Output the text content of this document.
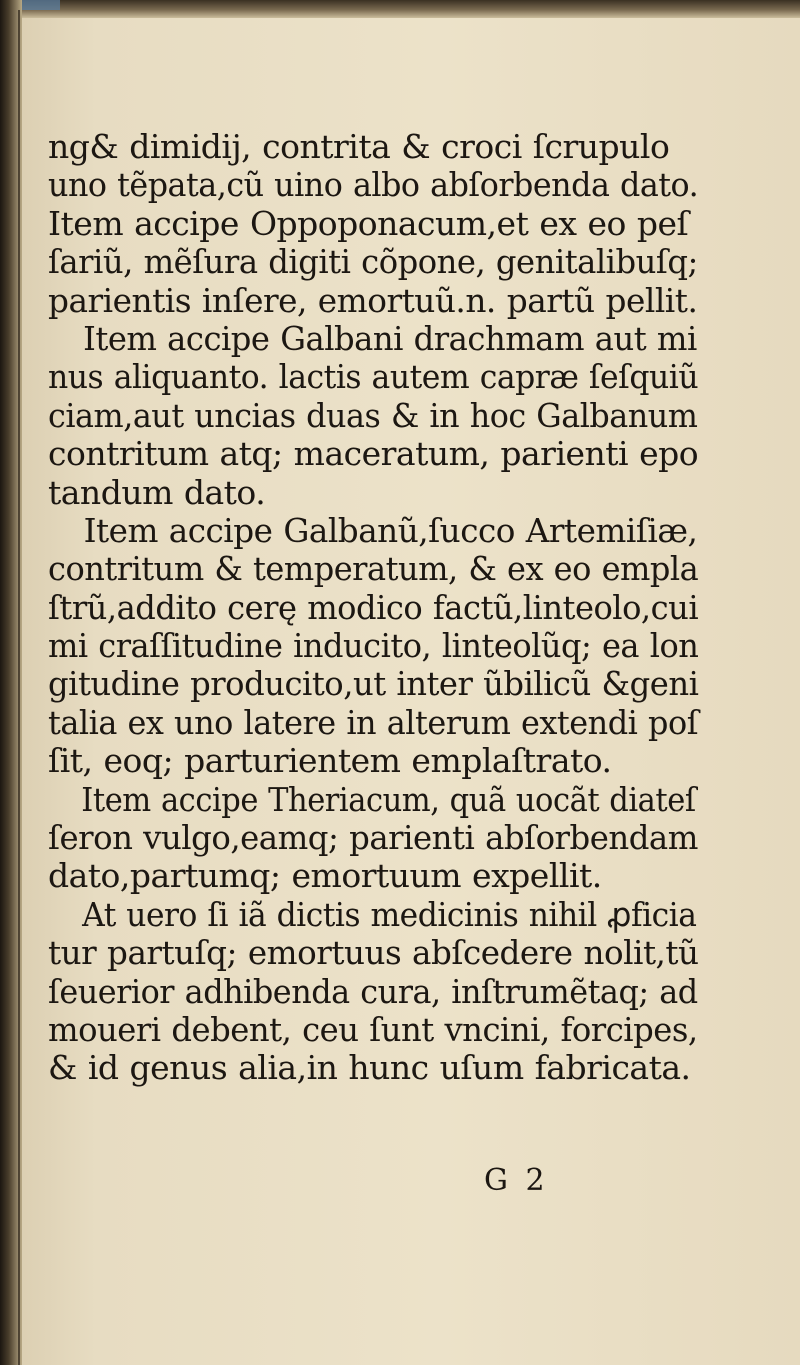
ng& dimidij, contrita & croci ſcrupulo
uno tẽpata,cũ uino albo abſorbenda dato.
Item accipe Oppoponacum,et ex eo peſ
ſariũ, mẽſura digiti cõpone, genitalibuſq;
parientis inſere, emortuũ.n. partũ pellit.
Item accipe Galbani drachmam aut mi
nus aliquanto. lactis autem capræ ſeſquiũ
ciam,aut uncias duas & in hoc Galbanum
contritum atq; maceratum, parienti epo
tandum dato.
Item accipe Galbanũ,ſucco Artemiſiæ,
contritum & temperatum, & ex eo empla
ſtrũ,addito cerę modico factũ,linteolo,cui
mi craſſitudine inducito, linteolũq; ea lon
gitudine producito,ut inter ũbilicũ &geni
talia ex uno latere in alterum extendi poſ
ſit, eoq; parturientem emplaſtrato.
Item accipe Theriacum, quã uocãt diateſ
ſeron vulgo,eamq; parienti abſorbendam
dato,partumq; emortuum expellit.
At uero ſi iã dictis medicinis nihil ꝓficia
tur partuſq; emortuus abſcedere nolit,tũ
ſeuerior adhibenda cura, inſtrumẽtaq; ad
moueri debent, ceu ſunt vncini, forcipes,
& id genus alia,in hunc uſum fabricata.
G 2
